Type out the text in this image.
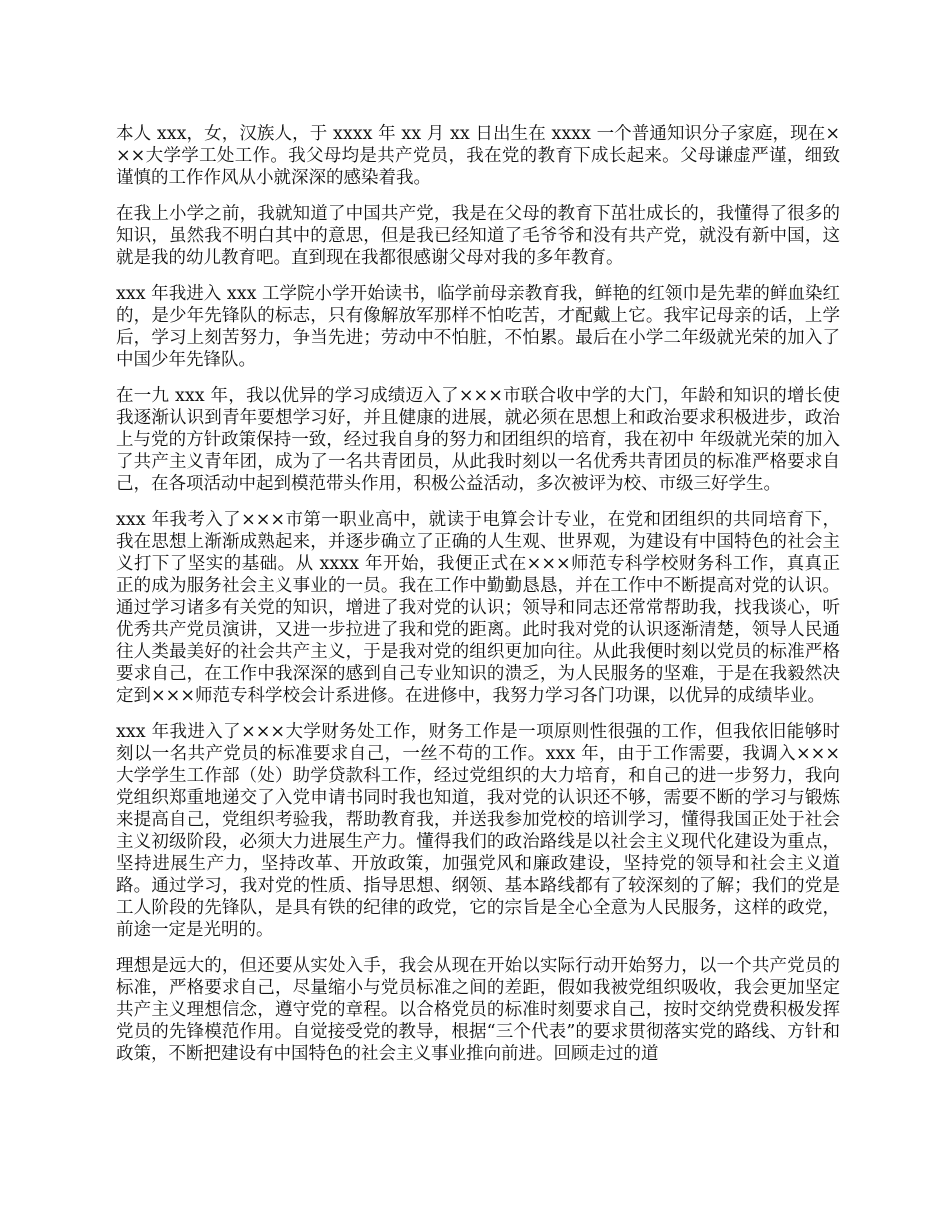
本人 xxx，女，汉族人，于 xxxx 年 xx 月 xx 日出生在 xxxx 一个普通知识分子家庭，现在×××大学学工处工作。我父母均是共产党员，我在党的教育下成长起来。父母谦虚严谨，细致谨慎的工作作风从小就深深的感染着我。

在我上小学之前，我就知道了中国共产党，我是在父母的教育下茁壮成长的，我懂得了很多的知识，虽然我不明白其中的意思，但是我已经知道了毛爷爷和没有共产党，就没有新中国，这就是我的幼儿教育吧。直到现在我都很感谢父母对我的多年教育。

xxx 年我进入 xxx 工学院小学开始读书，临学前母亲教育我，鲜艳的红领巾是先辈的鲜血染红的，是少年先锋队的标志，只有像解放军那样不怕吃苦，才配戴上它。我牢记母亲的话，上学后，学习上刻苦努力，争当先进；劳动中不怕脏，不怕累。最后在小学二年级就光荣的加入了中国少年先锋队。

在一九 xxx 年，我以优异的学习成绩迈入了×××市联合收中学的大门，年龄和知识的增长使我逐渐认识到青年要想学习好，并且健康的进展，就必须在思想上和政治要求积极进步，政治上与党的方针政策保持一致，经过我自身的努力和团组织的培育，我在初中 年级就光荣的加入了共产主义青年团，成为了一名共青团员，从此我时刻以一名优秀共青团员的标准严格要求自己，在各项活动中起到模范带头作用，积极公益活动，多次被评为校、市级三好学生。

xxx 年我考入了×××市第一职业高中，就读于电算会计专业，在党和团组织的共同培育下，我在思想上渐渐成熟起来，并逐步确立了正确的人生观、世界观，为建设有中国特色的社会主义打下了坚实的基础。从 xxxx 年开始，我便正式在×××师范专科学校财务科工作，真真正正的成为服务社会主义事业的一员。我在工作中勤勤恳恳，并在工作中不断提高对党的认识。通过学习诸多有关党的知识，增进了我对党的认识；领导和同志还常常帮助我，找我谈心，听优秀共产党员演讲，又进一步拉进了我和党的距离。此时我对党的认识逐渐清楚，领导人民通往人类最美好的社会共产主义，于是我对党的组织更加向往。从此我便时刻以党员的标准严格要求自己，在工作中我深深的感到自己专业知识的溃乏，为人民服务的坚难，于是在我毅然决定到×××师范专科学校会计系进修。在进修中，我努力学习各门功课，以优异的成绩毕业。

xxx 年我进入了×××大学财务处工作，财务工作是一项原则性很强的工作，但我依旧能够时刻以一名共产党员的标准要求自己，一丝不苟的工作。xxx 年，由于工作需要，我调入×××大学学生工作部（处）助学贷款科工作，经过党组织的大力培育，和自己的进一步努力，我向党组织郑重地递交了入党申请书同时我也知道，我对党的认识还不够，需要不断的学习与锻炼来提高自己，党组织考验我，帮助教育我，并送我参加党校的培训学习，懂得我国正处于社会主义初级阶段，必须大力进展生产力。懂得我们的政治路线是以社会主义现代化建设为重点，坚持进展生产力，坚持改革、开放政策，加强党风和廉政建设，坚持党的领导和社会主义道路。通过学习，我对党的性质、指导思想、纲领、基本路线都有了较深刻的了解；我们的党是工人阶段的先锋队，是具有铁的纪律的政党，它的宗旨是全心全意为人民服务，这样的政党，前途一定是光明的。

理想是远大的，但还要从实处入手，我会从现在开始以实际行动开始努力，以一个共产党员的标准，严格要求自己，尽量缩小与党员标准之间的差距，假如我被党组织吸收，我会更加坚定共产主义理想信念，遵守党的章程。以合格党员的标准时刻要求自己，按时交纳党费积极发挥党员的先锋模范作用。自觉接受党的教导，根据“三个代表”的要求贯彻落实党的路线、方针和政策，不断把建设有中国特色的社会主义事业推向前进。回顾走过的道
